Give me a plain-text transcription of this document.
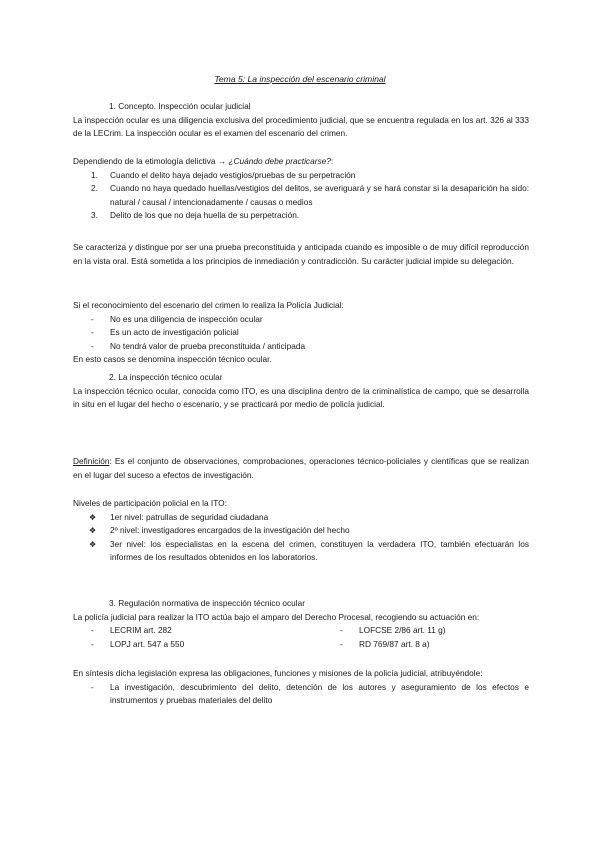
Tema 5: La inspección del escenario criminal

1. Concepto. Inspección ocular judicial

La inspección ocular es una diligencia exclusiva del procedimiento judicial, que se encuentra regulada en los art. 326 al 333 de la LECrim. La inspección ocular es el examen del escenario del crimen.

Dependiendo de la etimología delictiva → ¿Cuándo debe practicarse?:

1. Cuando el delito haya dejado vestigios/pruebas de su perpetración
2. Cuando no haya quedado huellas/vestigios del delitos, se averiguará y se hará constar si la desaparición ha sido: natural / causal / intencionadamente / causas o medios
3. Delito de los que no deja huella de su perpetración.

Se caracteriza y distingue por ser una prueba preconstituida y anticipada cuando es imposible o de muy difícil reproducción en la vista oral. Está sometida a los principios de inmediación y contradicción. Su carácter judicial impide su delegación.

Si el reconocimiento del escenario del crimen lo realiza la Policía Judicial:

- No es una diligencia de inspección ocular
- Es un acto de investigación policial
- No tendrá valor de prueba preconstituida / anticipada

En esto casos se denomina inspección técnico ocular.

2. La inspección técnico ocular

La inspección técnico ocular, conocida como ITO, es una disciplina dentro de la criminalística de campo, que se desarrolla in situ en el lugar del hecho o escenario, y se practicará por medio de policía judicial.

Definición: Es el conjunto de observaciones, comprobaciones, operaciones técnico-policiales y científicas que se realizan en el lugar del suceso a efectos de investigación.

Niveles de participación policial en la ITO:

❖ 1er nivel: patrullas de seguridad ciudadana
❖ 2º nivel: investigadores encargados de la investigación del hecho
❖ 3er nivel: los especialistas en la escena del crimen, constituyen la verdadera ITO, también efectuarán los informes de los resultados obtenidos en los laboratorios.

3. Regulación normativa de inspección técnico ocular

La policía judicial para realizar la ITO actúa bajo el amparo del Derecho Procesal, recogiendo su actuación en:

- LECRIM art. 282
- LOPJ art. 547 a 550
- LOFCSE 2/86 art. 11 g)
- RD 769/87 art. 8 a)

En síntesis dicha legislación expresa las obligaciones, funciones y misiones de la policía judicial, atribuyéndole:

- La investigación, descubrimiento del delito, detención de los autores y aseguramiento de los efectos e instrumentos y pruebas materiales del delito
